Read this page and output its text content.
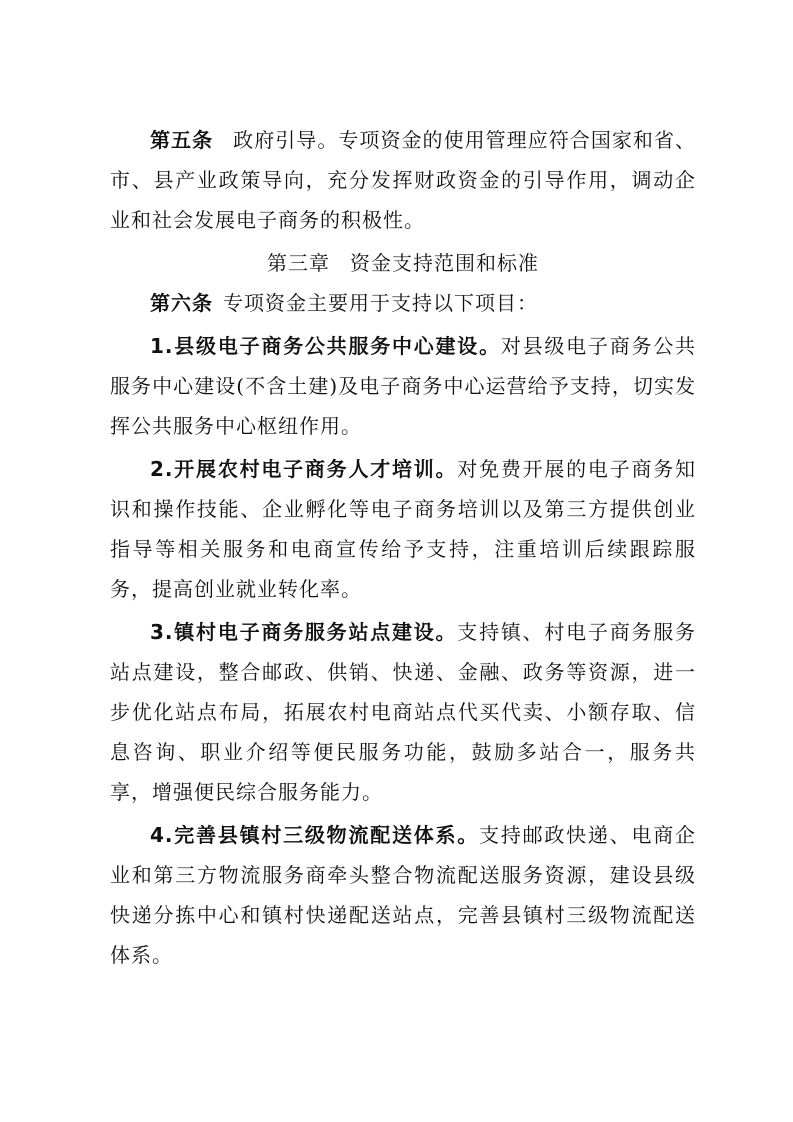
第五条 政府引导。专项资金的使用管理应符合国家和省、市、县产业政策导向，充分发挥财政资金的引导作用，调动企业和社会发展电子商务的积极性。

第三章 资金支持范围和标准

第六条 专项资金主要用于支持以下项目：

1.县级电子商务公共服务中心建设。对县级电子商务公共服务中心建设(不含土建)及电子商务中心运营给予支持，切实发挥公共服务中心枢纽作用。

2.开展农村电子商务人才培训。对免费开展的电子商务知识和操作技能、企业孵化等电子商务培训以及第三方提供创业指导等相关服务和电商宣传给予支持，注重培训后续跟踪服务，提高创业就业转化率。

3.镇村电子商务服务站点建设。支持镇、村电子商务服务站点建设，整合邮政、供销、快递、金融、政务等资源，进一步优化站点布局，拓展农村电商站点代买代卖、小额存取、信息咨询、职业介绍等便民服务功能，鼓励多站合一，服务共享，增强便民综合服务能力。

4.完善县镇村三级物流配送体系。支持邮政快递、电商企业和第三方物流服务商牵头整合物流配送服务资源，建设县级快递分拣中心和镇村快递配送站点，完善县镇村三级物流配送体系。
